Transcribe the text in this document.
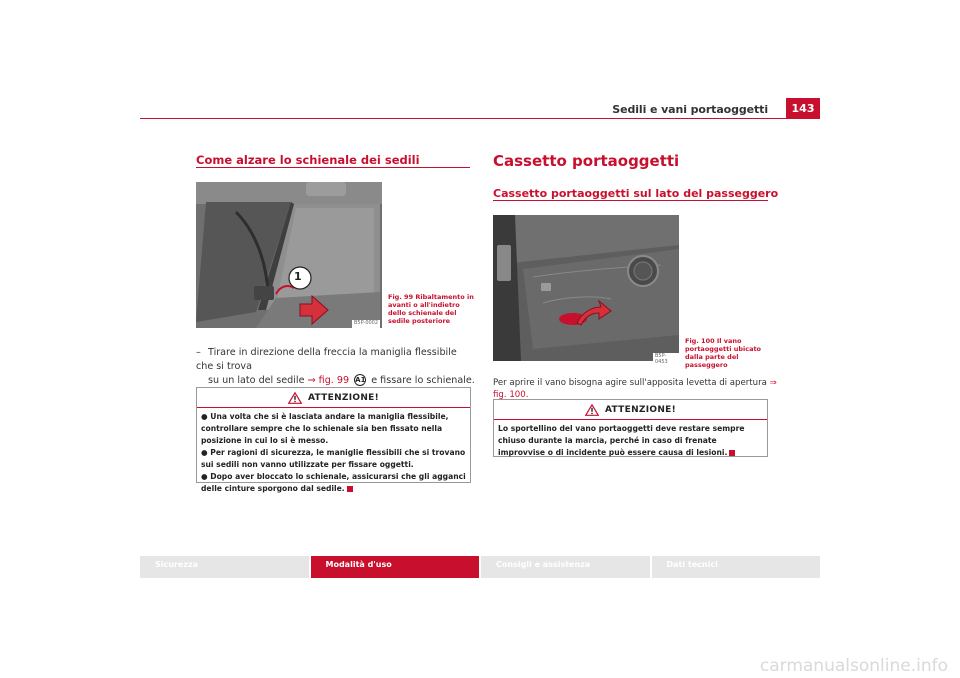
Sedili e vani portaoggetti	143
Come alzare lo schienale dei sedili
1
B5P-0002
Fig. 99 Ribaltamento in avanti o all'indietro dello schienale del sedile posteriore
– Tirare in direzione della freccia la maniglia flessibile che si trova
su un lato del sedile ⇒ fig. 99 A1 e fissare lo schienale.
ATTENZIONE!
● Una volta che si è lasciata andare la maniglia flessibile, controllare sempre che lo schienale sia ben fissato nella posizione in cui lo si è messo.
● Per ragioni di sicurezza, le maniglie flessibili che si trovano sui sedili non vanno utilizzate per fissare oggetti.
● Dopo aver bloccato lo schienale, assicurarsi che gli agganci delle cinture sporgono dal sedile.
Cassetto portaoggetti
Cassetto portaoggetti sul lato del passeggero
B5P-0453
Fig. 100 Il vano portaoggetti ubicato dalla parte del passeggero
Per aprire il vano bisogna agire sull'apposita levetta di apertura ⇒ fig. 100.
ATTENZIONE!
Lo sportellino del vano portaoggetti deve restare sempre chiuso durante la marcia, perché in caso di frenate improvvise o di incidente può essere causa di lesioni.
Sicurezza	Modalità d'uso	Consigli e assistenza	Dati tecnici
carmanualsonline.info
